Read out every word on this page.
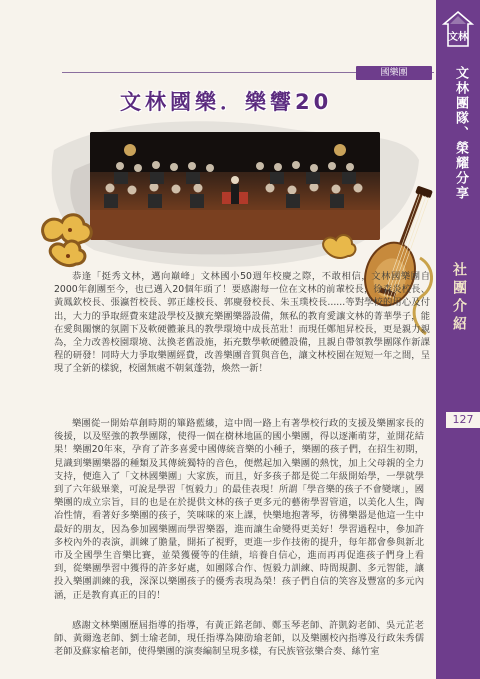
文林
文林團隊、榮耀分享
社團介紹
127
國樂團
文林國樂．樂響20

恭逢「挺秀文林，邁向巔峰」文林國小50週年校慶之際，不敢相信，文林國樂團自2000年創團至今，也已邁入20個年頭了！要感謝每一位在文林的前輩校長，徐森炎校長、黃鳳欽校長、張瀛哲校長、郭正雄校長、郭慶發校長、朱玉璞校長......等對學校的用心及付出，大力的爭取經費來建設學校及擴充樂團樂器設備，無私的教育愛讓文林的菁華學子，能在愛與關懷的氛圍下及軟硬體兼具的教學環境中成長茁壯！而現任鄭旭昇校長，更是親力親為，全力改善校園環境、汰換老舊設施，拓充數學軟硬體設備，且親自帶領教學團隊作新課程的研發！同時大力爭取樂團經費，改善樂團音質與音色，讓文林校園在短短一年之間，呈現了全新的樣貌，校園無處不朝氣蓬勃，煥然一新！

樂團從一開始草創時期的篳路藍縷，這中間一路上有著學校行政的支援及樂團家長的後援，以及堅強的教學團隊，使得一個在樹林地區的國小樂團，得以逐漸萌芽，並開花結果！樂團20年來，孕育了許多喜愛中國傳統音樂的小種子，樂團的孩子們，在招生初期，見識到樂團樂器的種類及其傳統獨特的音色，便燃起加入樂團的熱忱，加上父母親的全力支持，便進入了「文林國樂團」大家族，而且，好多孩子都是從二年級開始學，一學就學到了六年級畢業，可說是學習「恆毅力」的最佳表現！所謂「學音樂的孩子不會變壞」，國樂團的成立宗旨，目的也是在於提供文林的孩子更多元的藝術學習管道，以美化人生，陶冶性情，看著好多樂團的孩子，笑咪咪的來上課，快樂地抱著琴，彷彿樂器是他這一生中最好的朋友，因為參加國樂團而學習樂器，進而讓生命變得更美好！學習過程中，參加許多校內外的表演，訓練了膽量，開拓了視野，更進一步作技術的提升，每年都會參與新北市及全國學生音樂比賽，並榮獲優等的佳績，培養自信心，進而再再促進孩子們身上看到，從樂團學習中獲得的許多好處，如團隊合作、恆毅力訓練、時間規劃、多元智能，讓投入樂團訓練的我，深深以樂團孩子的優秀表現為榮！孩子們自信的笑容及豐富的多元內涵，正是教育真正的目的！

感謝文林樂團歷屆指導的指導，有黃正銘老師、鄭玉琴老師、許凱鈞老師、吳元芷老師、黃爾逸老師、劉士瑜老師，現任指導為陳劭瑜老師，以及樂團校內指導及行政朱秀儒老師及蘇家榆老師，使得樂團的演奏編制呈現多樣，有民族管弦樂合奏、絲竹室
